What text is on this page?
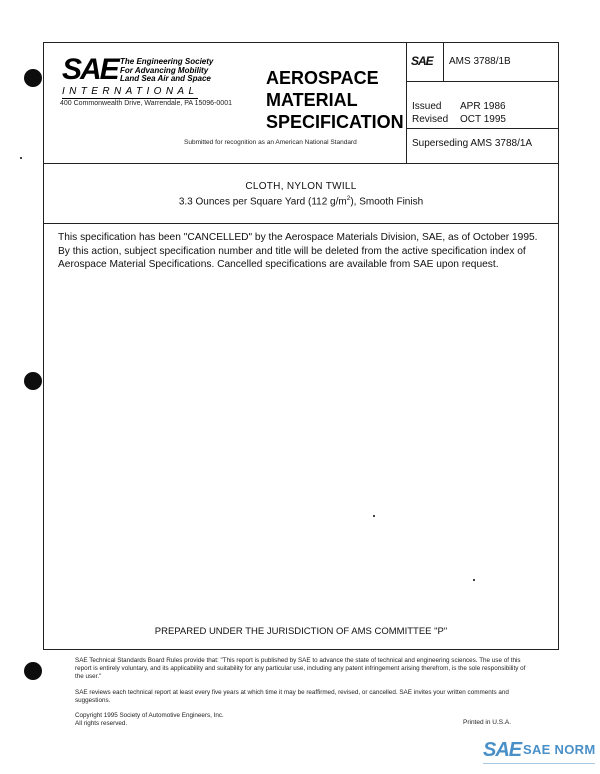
SAE The Engineering Society
For Advancing Mobility
Land Sea Air and Space
INTERNATIONAL
400 Commonwealth Drive, Warrendale, PA 15096-0001
AEROSPACE
MATERIAL
SPECIFICATION
Submitted for recognition as an American National Standard
SAE AMS 3788/1B
Issued APR 1986
Revised OCT 1995
Superseding AMS 3788/1A
CLOTH, NYLON TWILL
3.3 Ounces per Square Yard (112 $g/m^2$), Smooth Finish
This specification has been "CANCELLED" by the Aerospace Materials Division, SAE, as of October 1995. By this action, subject specification number and title will be deleted from the active specification index of Aerospace Material Specifications. Cancelled specifications are available from SAE upon request.
PREPARED UNDER THE JURISDICTION OF AMS COMMITTEE "P"
SAE Technical Standards Board Rules provide that: "This report is published by SAE to advance the state of technical and engineering sciences. The use of this report is entirely voluntary, and its applicability and suitability for any particular use, including any patent infringement arising therefrom, is the sole responsibility of the user."
SAE reviews each technical report at least every five years at which time it may be reaffirmed, revised, or cancelled. SAE invites your written comments and suggestions.
Copyright 1995 Society of Automotive Engineers, Inc.
All rights reserved.	Printed in U.S.A.
SAE SAE NORM
